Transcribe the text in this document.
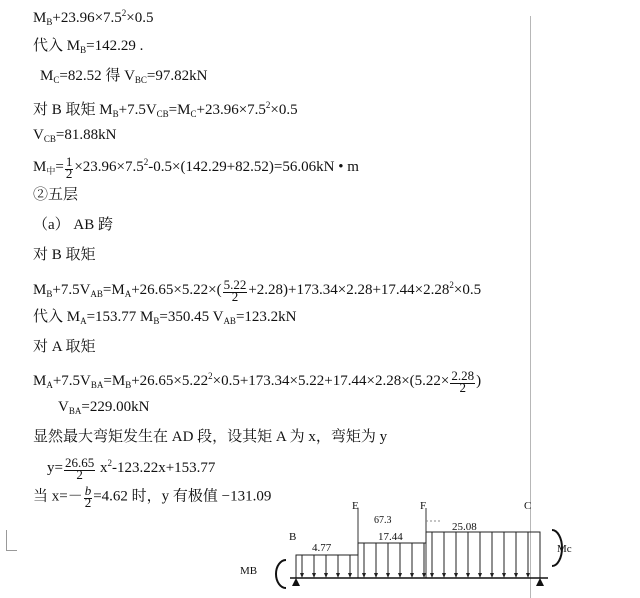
$M_B+23.96\times 7.5^2\times 0.5$
代入 $M_B=142.29$ .
$M_C=82.52$ 得 $V_{BC}=97.82kN$
对 B 取矩 $M_B+7.5V_{CB}=M_C+23.96\times 7.5^2\times 0.5$
$V_{CB}=81.88kN$
$M_中= \frac{1}{2} \times 23.96\times 7.5^2-0.5\times(142.29+82.52)=56.06kN$ • m
②五层
（a） AB 跨
对 B 取矩
$M_B+7.5V_{AB}=M_A+26.65\times 5.22\times( \frac{5.22}{2} +2.28)+173.34\times 2.28+17.44\times 2.28^2\times 0.5$
代入 $M_A=153.77$ $M_B=350.45$ $V_{AB}=123.2kN$
对 A 取矩
$M_A+7.5V_{BA}=M_B+26.65\times 5.22^2\times 0.5+173.34\times 5.22+17.44\times 2.28\times(5.22\times \frac{2.28}{2}$ )
$V_{BA}=229.00kN$
显然最大弯矩发生在 AD 段，设其矩 A 为 x，弯矩为 y
$y= \frac{26.65}{2} x^2-123.22x+153.77$
当 $x=- \frac{b}{2} =4.62$ 时，y 有极值 −131.09
E	F	C
B
67.3
4.77
17.44
25.08
MB
Mc
